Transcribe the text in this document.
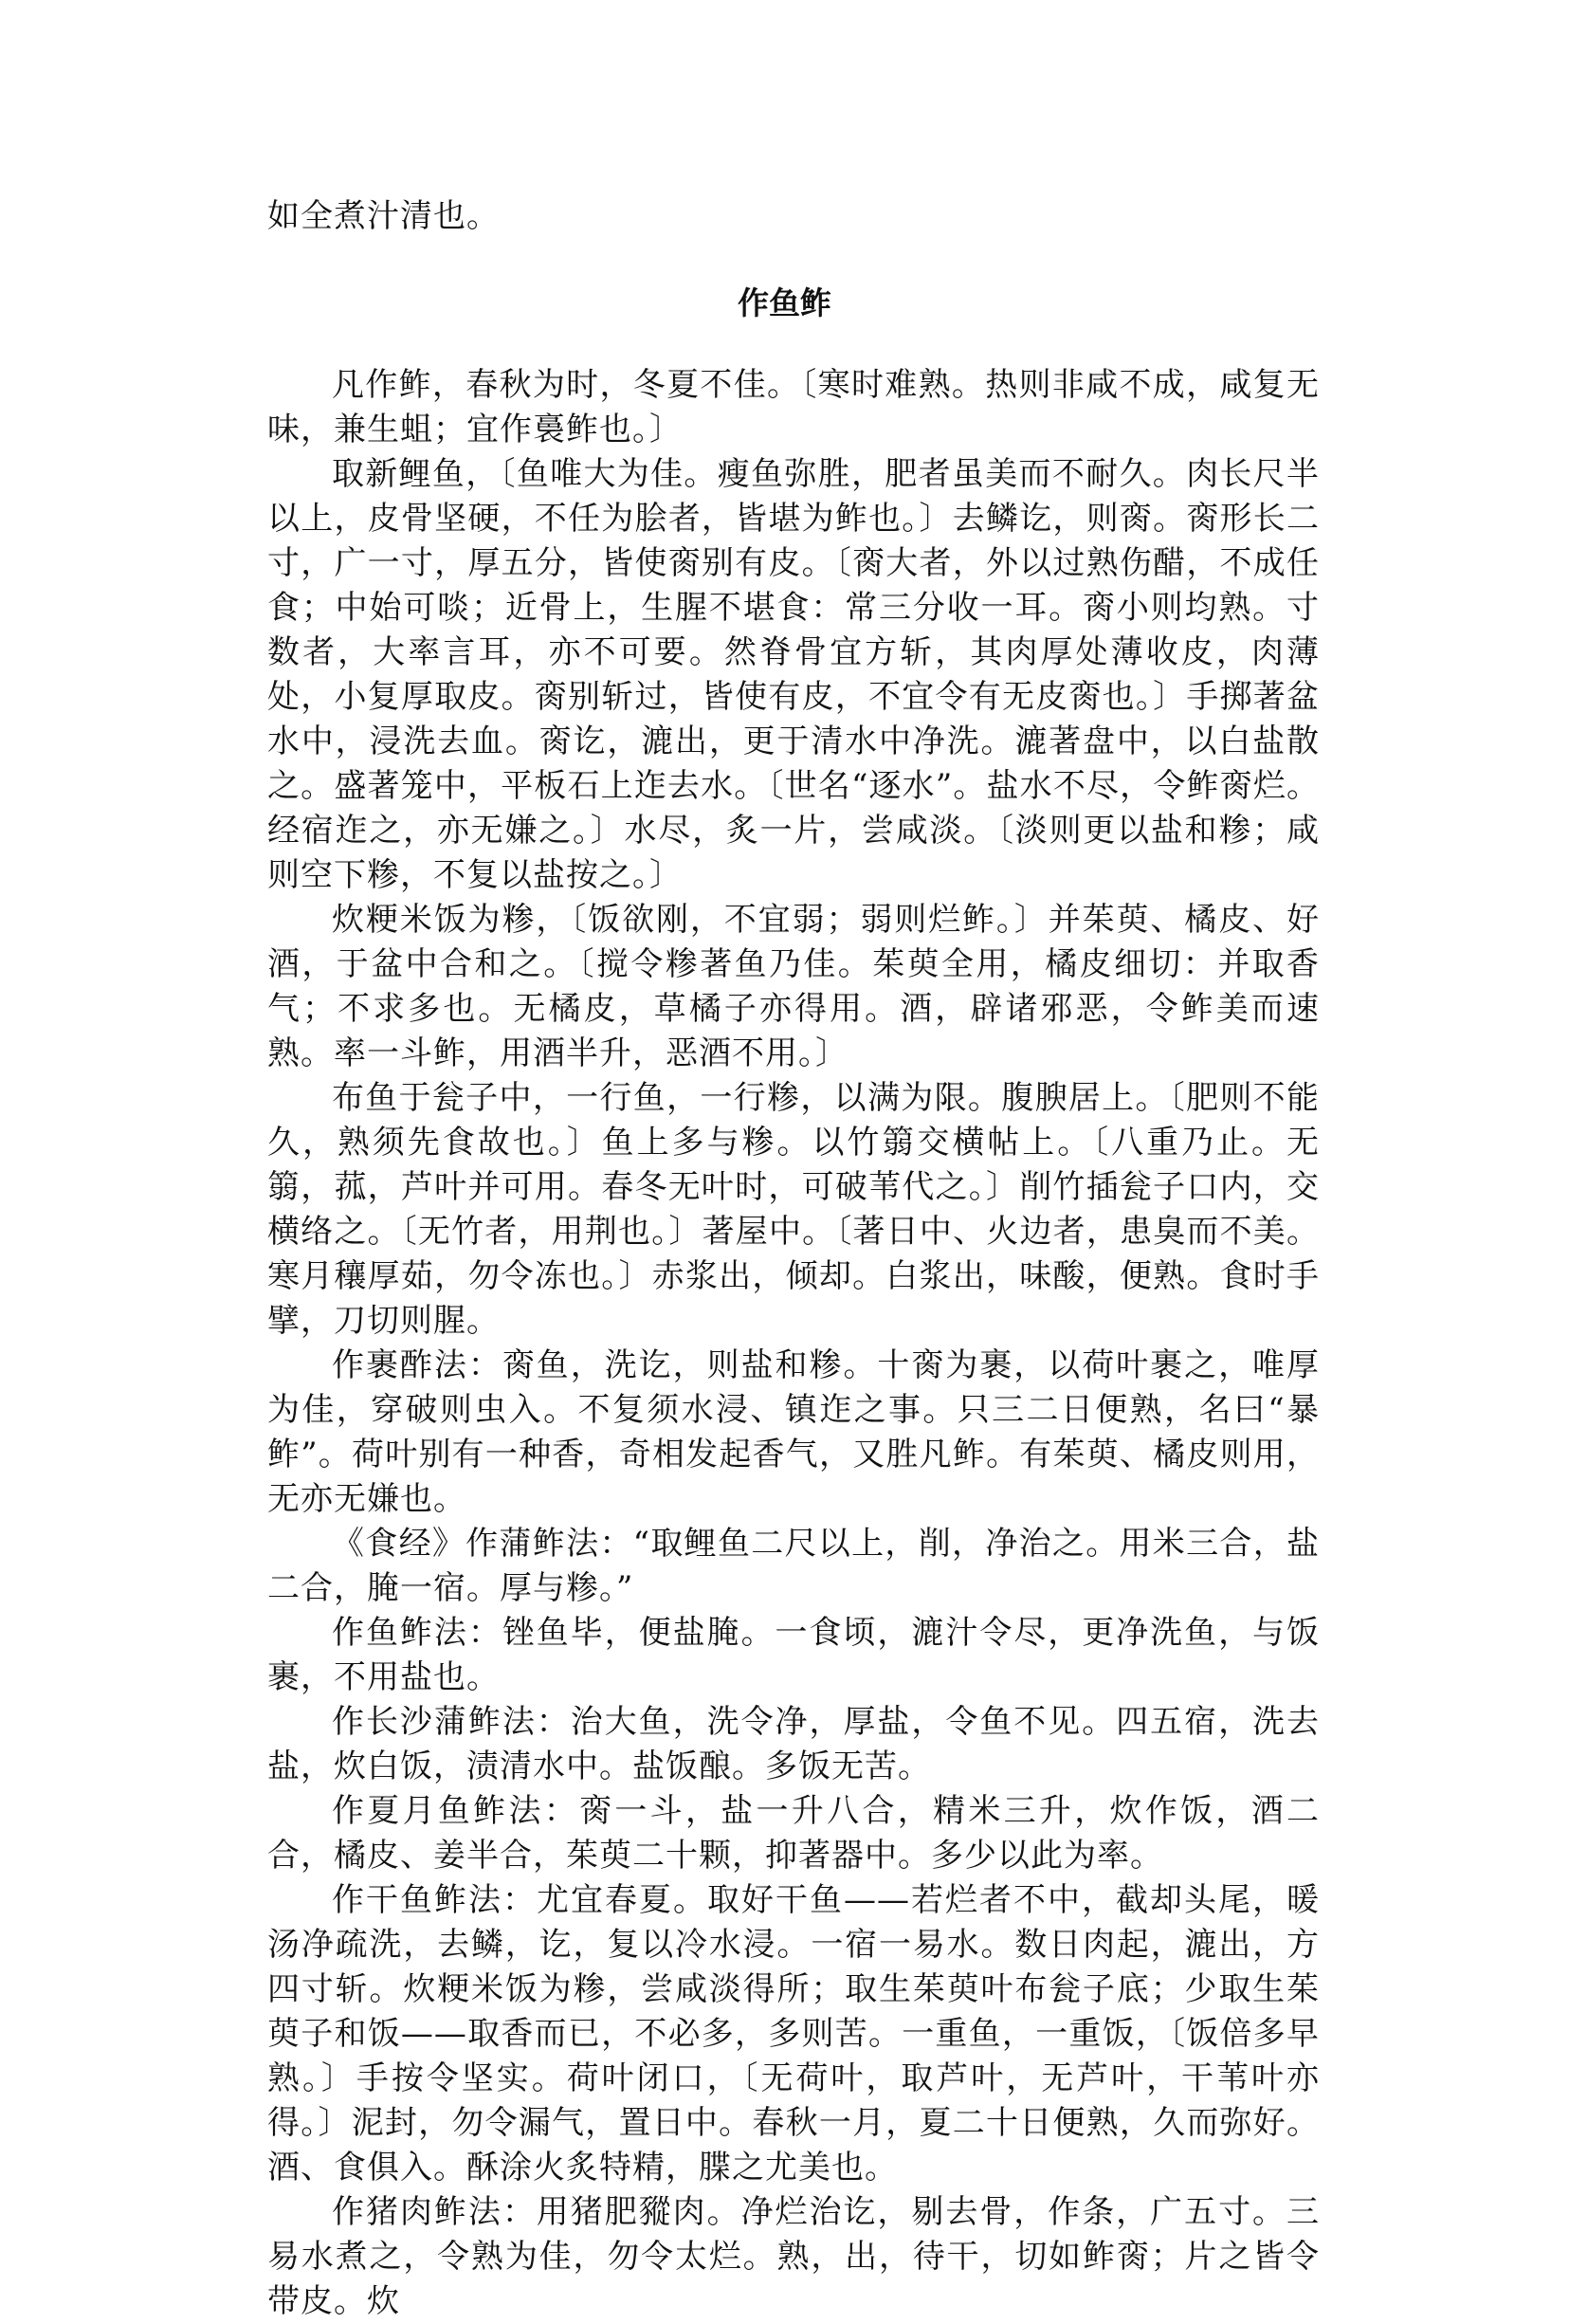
如全煮汁清也。
作鱼鲊

凡作鲊，春秋为时，冬夏不佳。〔寒时难熟。热则非咸不成，咸复无味，兼生蛆；宜作裛鲊也。〕

取新鲤鱼，〔鱼唯大为佳。瘦鱼弥胜，肥者虽美而不耐久。肉长尺半以上，皮骨坚硬，不任为脍者，皆堪为鲊也。〕去鳞讫，则脔。脔形长二寸，广一寸，厚五分，皆使脔别有皮。〔脔大者，外以过熟伤醋，不成任食；中始可啖；近骨上，生腥不堪食：常三分收一耳。脔小则均熟。寸数者，大率言耳，亦不可要。然脊骨宜方斩，其肉厚处薄收皮，肉薄处，小复厚取皮。脔别斩过，皆使有皮，不宜令有无皮脔也。〕手掷著盆水中，浸洗去血。脔讫，漉出，更于清水中净洗。漉著盘中，以白盐散之。盛著笼中，平板石上迮去水。〔世名“逐水”。盐水不尽，令鲊脔烂。经宿迮之，亦无嫌之。〕水尽，炙一片，尝咸淡。〔淡则更以盐和糁；咸则空下糁，不复以盐按之。〕

炊粳米饭为糁，〔饭欲刚，不宜弱；弱则烂鲊。〕并茱萸、橘皮、好酒，于盆中合和之。〔搅令糁著鱼乃佳。茱萸全用，橘皮细切：并取香气；不求多也。无橘皮，草橘子亦得用。酒，辟诸邪恶，令鲊美而速熟。率一斗鲊，用酒半升，恶酒不用。〕

布鱼于瓮子中，一行鱼，一行糁，以满为限。腹腴居上。〔肥则不能久，熟须先食故也。〕鱼上多与糁。以竹篛交横帖上。〔八重乃止。无篛，菰，芦叶并可用。春冬无叶时，可破苇代之。〕削竹插瓮子口内，交横络之。〔无竹者，用荆也。〕著屋中。〔著日中、火边者，患臭而不美。寒月穰厚茹，勿令冻也。〕赤浆出，倾却。白浆出，味酸，便熟。食时手擘，刀切则腥。

作裹酢法：脔鱼，洗讫，则盐和糁。十脔为裹，以荷叶裹之，唯厚为佳，穿破则虫入。不复须水浸、镇迮之事。只三二日便熟，名曰“暴鲊”。荷叶别有一种香，奇相发起香气，又胜凡鲊。有茱萸、橘皮则用，无亦无嫌也。

《食经》作蒲鲊法：“取鲤鱼二尺以上，削，净治之。用米三合，盐二合，腌一宿。厚与糁。”

作鱼鲊法：锉鱼毕，便盐腌。一食顷，漉汁令尽，更净洗鱼，与饭裹，不用盐也。

作长沙蒲鲊法：治大鱼，洗令净，厚盐，令鱼不见。四五宿，洗去盐，炊白饭，渍清水中。盐饭酿。多饭无苦。

作夏月鱼鲊法：脔一斗，盐一升八合，精米三升，炊作饭，酒二合，橘皮、姜半合，茱萸二十颗，抑著器中。多少以此为率。

作干鱼鲊法：尤宜春夏。取好干鱼——若烂者不中，截却头尾，暖汤净疏洗，去鳞，讫，复以冷水浸。一宿一易水。数日肉起，漉出，方四寸斩。炊粳米饭为糁，尝咸淡得所；取生茱萸叶布瓮子底；少取生茱萸子和饭——取香而已，不必多，多则苦。一重鱼，一重饭，〔饭倍多早熟。〕手按令坚实。荷叶闭口，〔无荷叶，取芦叶，无芦叶，干苇叶亦得。〕泥封，勿令漏气，置日中。春秋一月，夏二十日便熟，久而弥好。酒、食俱入。酥涂火炙特精，䐑之尤美也。

作猪肉鲊法：用猪肥豵肉。净烂治讫，剔去骨，作条，广五寸。三易水煮之，令熟为佳，勿令太烂。熟，出，待干，切如鲊脔；片之皆令带皮。炊
